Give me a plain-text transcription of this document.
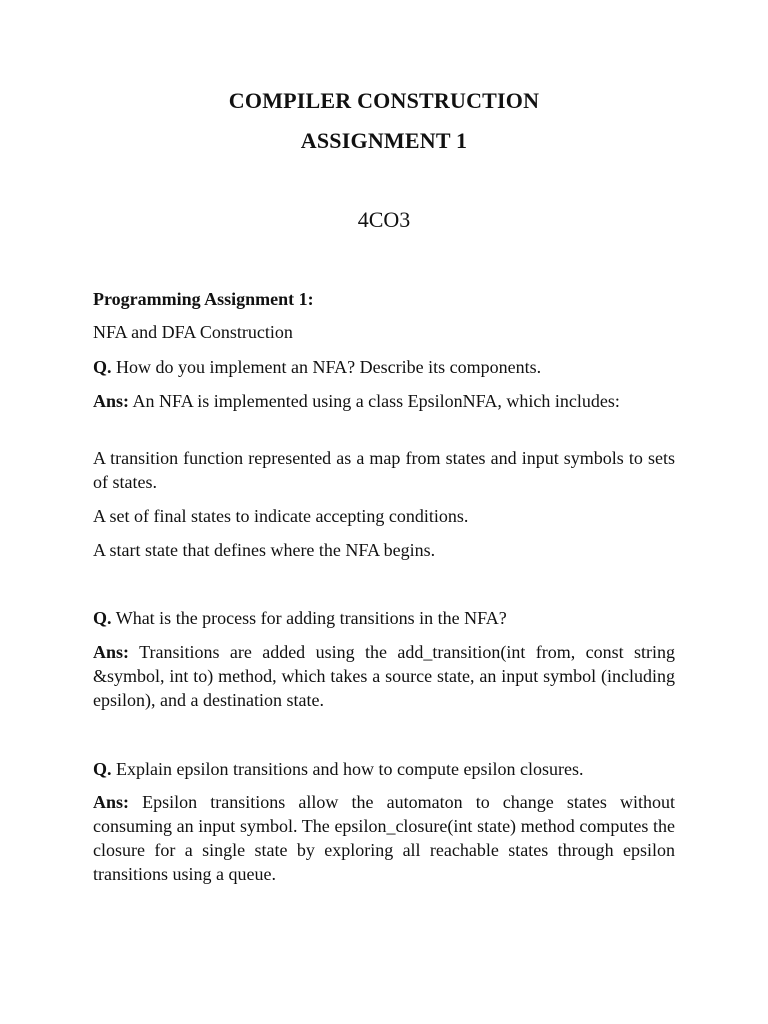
COMPILER CONSTRUCTION
ASSIGNMENT 1
4CO3
Programming Assignment 1:
NFA and DFA Construction
Q. How do you implement an NFA? Describe its components.
Ans: An NFA is implemented using a class EpsilonNFA, which includes:
A transition function represented as a map from states and input symbols to sets of states.
A set of final states to indicate accepting conditions.
A start state that defines where the NFA begins.
Q. What is the process for adding transitions in the NFA?
Ans: Transitions are added using the add_transition(int from, const string &symbol, int to) method, which takes a source state, an input symbol (including epsilon), and a destination state.
Q. Explain epsilon transitions and how to compute epsilon closures.
Ans: Epsilon transitions allow the automaton to change states without consuming an input symbol. The epsilon_closure(int state) method computes the closure for a single state by exploring all reachable states through epsilon transitions using a queue.
